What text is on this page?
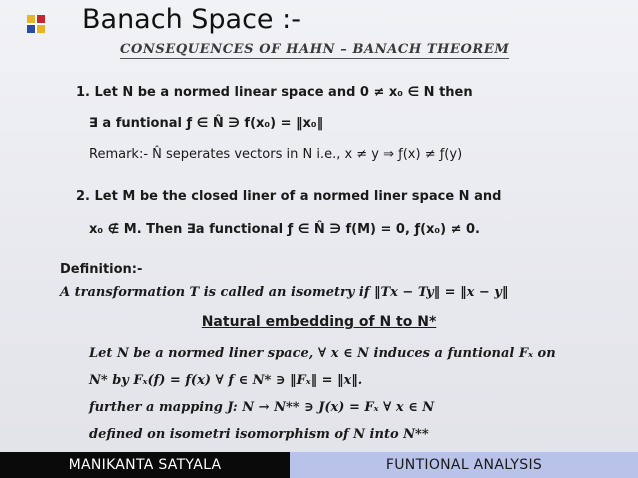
Banach Space :-
CONSEQUENCES OF HAHN – BANACH THEOREM
1. Let N be a normed linear space and 0 ≠ x₀ ∈ N then
∃ a funtional ƒ ∈ N̂ ∋ f(x₀) = ‖x₀‖
Remark:- N̂ seperates vectors in N i.e., x ≠ y ⇒ ƒ(x) ≠ ƒ(y)
2. Let M be the closed liner of a normed liner space N and
x₀ ∉ M. Then ∃a functional ƒ ∈ N̂ ∋ f(M) = 0, ƒ(x₀) ≠ 0.
Definition:-
A transformation T is called an isometry if ‖Tx − Ty‖ = ‖x − y‖
Natural embedding of N to N*
Let N be a normed liner space, ∀ x ∈ N induces a funtional Fₓ on
N* by Fₓ(f) = f(x) ∀ f ∈ N* ∋ ‖Fₓ‖ = ‖x‖.
further a mapping J: N → N** ∋ J(x) = Fₓ ∀ x ∈ N
defined on isometri isomorphism of N into N**
MANIKANTA SATYALA	FUNTIONAL ANALYSIS
